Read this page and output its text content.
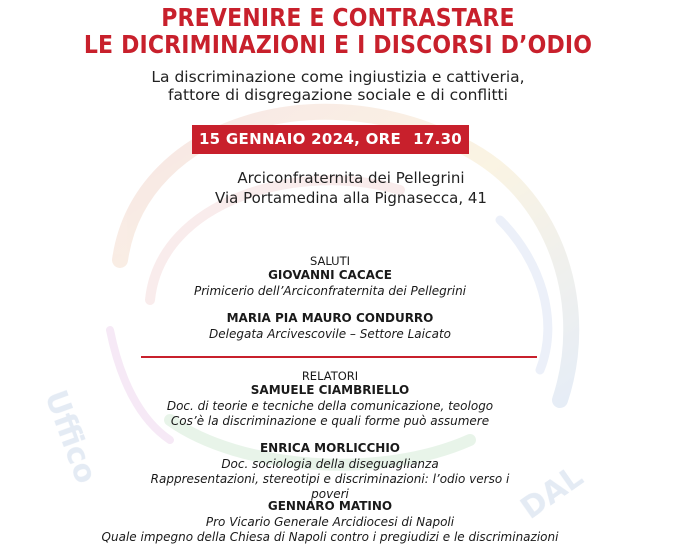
Uffico
DAL
PREVENIRE E CONTRASTARE
LE DICRIMINAZIONI E I DISCORSI D’ODIO
La discriminazione come ingiustizia e cattiveria,
fattore di disgregazione sociale e di conflitti
15 GENNAIO 2024, ORE 17.30
Arciconfraternita dei Pellegrini
Via Portamedina alla Pignasecca, 41
SALUTI
GIOVANNI CACACE
Primicerio dell’Arciconfraternita dei Pellegrini
MARIA PIA MAURO CONDURRO
Delegata Arcivescovile – Settore Laicato
RELATORI
SAMUELE CIAMBRIELLO
Doc. di teorie e tecniche della comunicazione, teologo
Cos’è la discriminazione e quali forme può assumere
ENRICA MORLICCHIO
Doc. sociologia della diseguaglianza
Rappresentazioni, stereotipi e discriminazioni: l’odio verso i poveri
GENNARO MATINO
Pro Vicario Generale Arcidiocesi di Napoli
Quale impegno della Chiesa di Napoli contro i pregiudizi e le discriminazioni
